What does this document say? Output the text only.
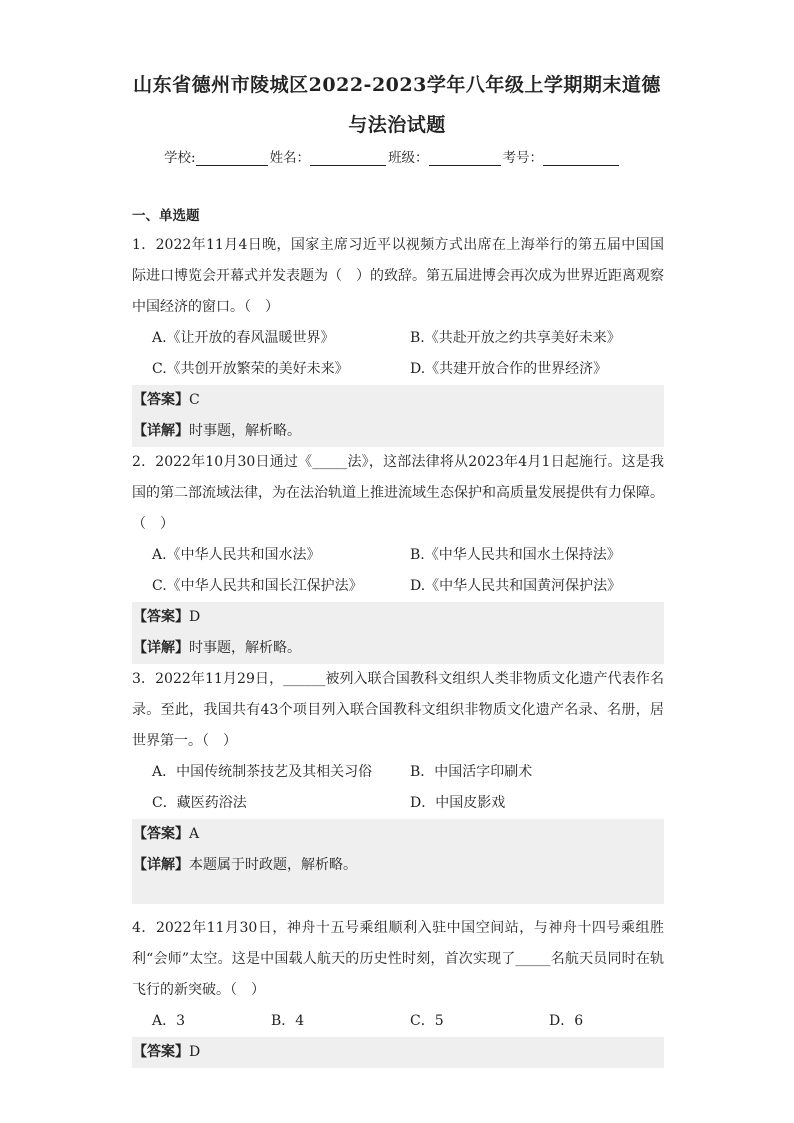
山东省德州市陵城区2022-2023学年八年级上学期期末道德
与法治试题
学校:	姓名：	班级：	考号：
一、单选题
1．2022年11月4日晚，国家主席习近平以视频方式出席在上海举行的第五届中国国际进口博览会开幕式并发表题为（　）的致辞。第五届进博会再次成为世界近距离观察中国经济的窗口。（　）
A.《让开放的春风温暖世界》	B.《共赴开放之约共享美好未来》
C.《共创开放繁荣的美好未来》	D.《共建开放合作的世界经济》
【答案】C
【详解】时事题，解析略。
2．2022年10月30日通过《_____法》，这部法律将从2023年4月1日起施行。这是我国的第二部流域法律，为在法治轨道上推进流域生态保护和高质量发展提供有力保障。（　）
A.《中华人民共和国水法》	B.《中华人民共和国水土保持法》
C.《中华人民共和国长江保护法》	D.《中华人民共和国黄河保护法》
【答案】D
【详解】时事题，解析略。
3．2022年11月29日，______被列入联合国教科文组织人类非物质文化遗产代表作名录。至此，我国共有43个项目列入联合国教科文组织非物质文化遗产名录、名册，居世界第一。（　）
A．中国传统制茶技艺及其相关习俗	B．中国活字印刷术
C．藏医药浴法	D．中国皮影戏
【答案】A
【详解】本题属于时政题，解析略。
4．2022年11月30日，神舟十五号乘组顺利入驻中国空间站，与神舟十四号乘组胜利“会师”太空。这是中国载人航天的历史性时刻，首次实现了_____名航天员同时在轨飞行的新突破。（　）
A．3	B．4	C．5	D．6
【答案】D
